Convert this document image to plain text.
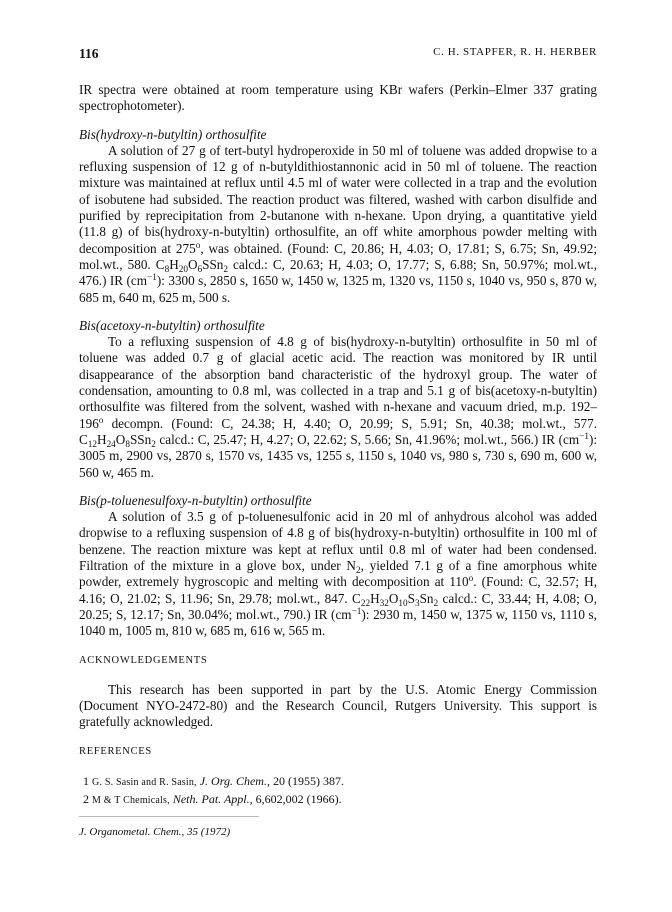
116	C. H. STAPFER, R. H. HERBER

IR spectra were obtained at room temperature using KBr wafers (Perkin–Elmer 337 grating spectrophotometer).

Bis(hydroxy-n-butyltin) orthosulfite

A solution of 27 g of tert-butyl hydroperoxide in 50 ml of toluene was added dropwise to a refluxing suspension of 12 g of n-butyldithiostannonic acid in 50 ml of toluene. The reaction mixture was maintained at reflux until 4.5 ml of water were collected in a trap and the evolution of isobutene had subsided. The reaction product was filtered, washed with carbon disulfide and purified by reprecipitation from 2-butanone with n-hexane. Upon drying, a quantitative yield (11.8 g) of bis(hydroxy-n-butyltin) orthosulfite, an off white amorphous powder melting with decomposition at 275$^o$, was obtained. (Found: C, 20.86; H, 4.03; O, 17.81; S, 6.75; Sn, 49.92; mol.wt., 580. $C_8H_{20}O_6SSn_2$ calcd.: C, 20.63; H, 4.03; O, 17.77; S, 6.88; Sn, 50.97%; mol.wt., 476.) IR $(cm^{-1})$: 3300 s, 2850 s, 1650 w, 1450 w, 1325 m, 1320 vs, 1150 s, 1040 vs, 950 s, 870 w, 685 m, 640 m, 625 m, 500 s.

Bis(acetoxy-n-butyltin) orthosulfite

To a refluxing suspension of 4.8 g of bis(hydroxy-n-butyltin) orthosulfite in 50 ml of toluene was added 0.7 g of glacial acetic acid. The reaction was monitored by IR until disappearance of the absorption band characteristic of the hydroxyl group. The water of condensation, amounting to 0.8 ml, was collected in a trap and 5.1 g of bis(acetoxy-n-butyltin) orthosulfite was filtered from the solvent, washed with n-hexane and vacuum dried, m.p. 192–196$^o$ decompn. (Found: C, 24.38; H, 4.40; O, 20.99; S, 5.91; Sn, 40.38; mol.wt., 577. $C_{12}H_{24}O_8SSn_2$ calcd.: C, 25.47; H, 4.27; O, 22.62; S, 5.66; Sn, 41.96%; mol.wt., 566.) IR $(cm^{-1})$: 3005 m, 2900 vs, 2870 s, 1570 vs, 1435 vs, 1255 s, 1150 s, 1040 vs, 980 s, 730 s, 690 m, 600 w, 560 w, 465 m.

Bis(p-toluenesulfoxy-n-butyltin) orthosulfite

A solution of 3.5 g of p-toluenesulfonic acid in 20 ml of anhydrous alcohol was added dropwise to a refluxing suspension of 4.8 g of bis(hydroxy-n-butyltin) orthosulfite in 100 ml of benzene. The reaction mixture was kept at reflux until 0.8 ml of water had been condensed. Filtration of the mixture in a glove box, under $N_2$, yielded 7.1 g of a fine amorphous white powder, extremely hygroscopic and melting with decomposition at 110$^o$. (Found: C, 32.57; H, 4.16; O, 21.02; S, 11.96; Sn, 29.78; mol.wt., 847. $C_{22}H_{32}O_{10}S_3Sn_2$ calcd.: C, 33.44; H, 4.08; O, 20.25; S, 12.17; Sn, 30.04%; mol.wt., 790.) IR $(cm^{-1})$: 2930 m, 1450 w, 1375 w, 1150 vs, 1110 s, 1040 m, 1005 m, 810 w, 685 m, 616 w, 565 m.

ACKNOWLEDGEMENTS

This research has been supported in part by the U.S. Atomic Energy Commission (Document NYO-2472-80) and the Research Council, Rutgers University. This support is gratefully acknowledged.

REFERENCES

1 G. S. Sasin and R. Sasin, J. Org. Chem., 20 (1955) 387.
2 M & T Chemicals, Neth. Pat. Appl., 6,602,002 (1966).
J. Organometal. Chem., 35 (1972)
